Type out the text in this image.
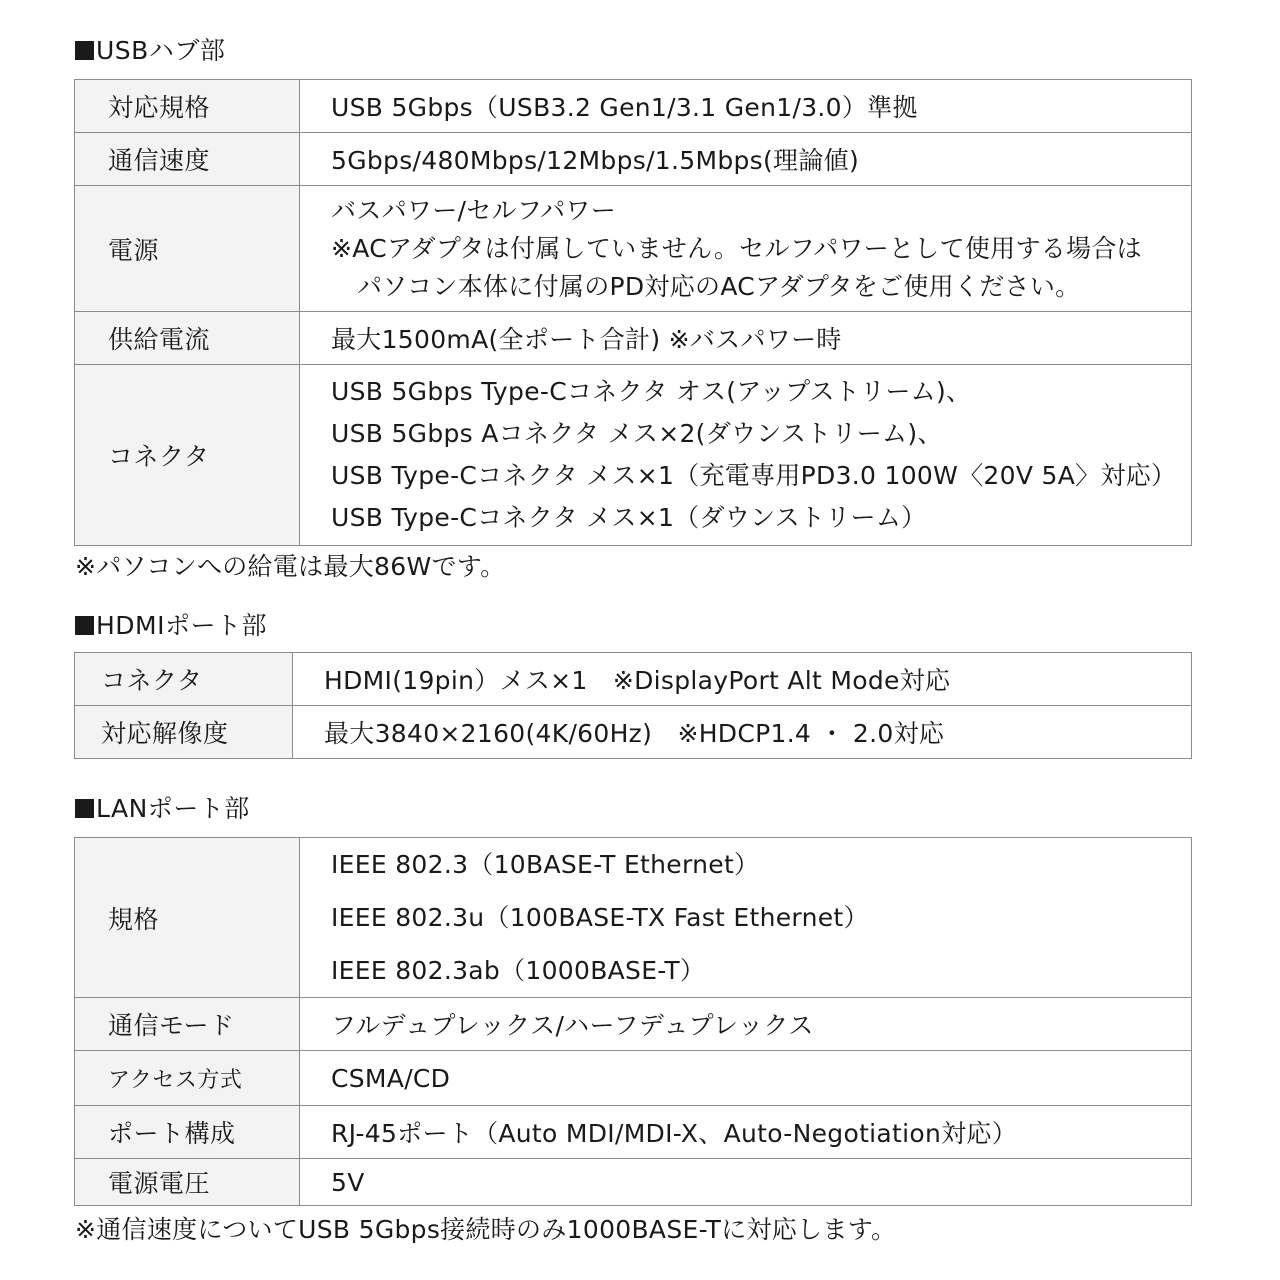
USBハブ部
対応規格	USB 5Gbps（USB3.2 Gen1/3.1 Gen1/3.0）準拠

通信速度	5Gbps/480Mbps/12Mbps/1.5Mbps(理論値)

電源	バスパワー/セルフパワー
※ACアダプタは付属していません。セルフパワーとして使用する場合は
パソコン本体に付属のPD対応のACアダプタをご使用ください。

供給電流	最大1500mA(全ポート合計) ※バスパワー時

コネクタ	USB 5Gbps Type-Cコネクタ オス(アップストリーム)、
USB 5Gbps Aコネクタ メス×2(ダウンストリーム)、
USB Type-Cコネクタ メス×1（充電専用PD3.0 100W〈20V 5A〉対応）
USB Type-Cコネクタ メス×1（ダウンストリーム）
※パソコンへの給電は最大86Wです。
HDMIポート部
コネクタ	HDMI(19pin）メス×1　※DisplayPort Alt Mode対応

対応解像度	最大3840×2160(4K/60Hz)　※HDCP1.4 ・ 2.0対応
LANポート部
規格	IEEE 802.3（10BASE-T Ethernet）
IEEE 802.3u（100BASE-TX Fast Ethernet）
IEEE 802.3ab（1000BASE-T）

通信モード	フルデュプレックス/ハーフデュプレックス

アクセス方式	CSMA/CD

ポート構成	RJ-45ポート（Auto MDI/MDI-X、Auto-Negotiation対応）

電源電圧	5V
※通信速度についてUSB 5Gbps接続時のみ1000BASE-Tに対応します。
